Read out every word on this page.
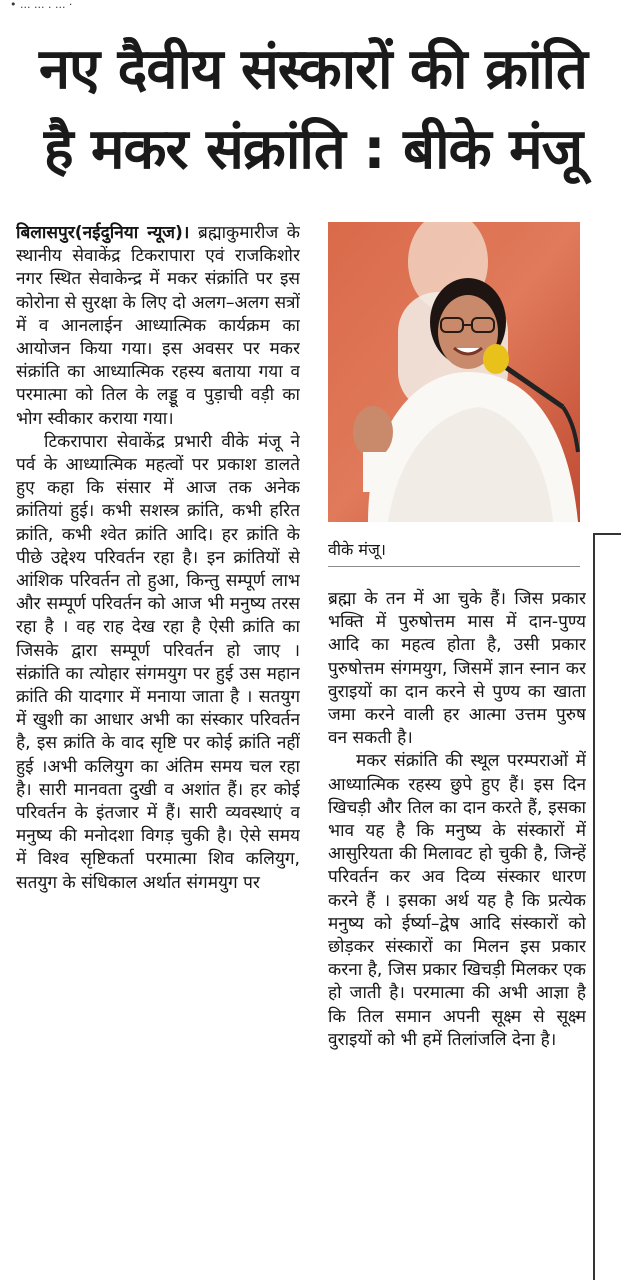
• ... ... . ... ·
नए दैवीय संस्कारों की क्रांति
है मकर संक्रांति : बीके मंजू

बिलासपुर(नईदुनिया न्यूज)। ब्रह्माकुमारीज के स्थानीय सेवाकेंद्र टिकरापारा एवं राजकिशोर नगर स्थित सेवाकेन्द्र में मकर संक्रांति पर इस कोरोना से सुरक्षा के लिए दो अलग–अलग सत्रों में व आनलाईन आध्यात्मिक कार्यक्रम का आयोजन किया गया। इस अवसर पर मकर संक्रांति का आध्यात्मिक रहस्य बताया गया व परमात्मा को तिल के लड्डू व पुड़ाची वड़ी का भोग स्वीकार कराया गया।

टिकरापारा सेवाकेंद्र प्रभारी वीके मंजू ने पर्व के आध्यात्मिक महत्वों पर प्रकाश डालते हुए कहा कि संसार में आज तक अनेक क्रांतियां हुई। कभी सशस्त्र क्रांति, कभी हरित क्रांति, कभी श्वेत क्रांति आदि। हर क्रांति के पीछे उद्देश्य परिवर्तन रहा है। इन क्रांतियों से आंशिक परिवर्तन तो हुआ, किन्तु सम्पूर्ण लाभ और सम्पूर्ण परिवर्तन को आज भी मनुष्य तरस रहा है । वह राह देख रहा है ऐसी क्रांति का जिसके द्वारा सम्पूर्ण परिवर्तन हो जाए । संक्रांति का त्योहार संगमयुग पर हुई उस महान क्रांति की यादगार में मनाया जाता है । सतयुग में खुशी का आधार अभी का संस्कार परिवर्तन है, इस क्रांति के वाद सृष्टि पर कोई क्रांति नहीं हुई ।अभी कलियुग का अंतिम समय चल रहा है। सारी मानवता दुखी व अशांत हैं। हर कोई परिवर्तन के इंतजार में हैं। सारी व्यवस्थाएं व मनुष्य की मनोदशा विगड़ चुकी है। ऐसे समय में विश्व सृष्टिकर्ता परमात्मा शिव कलियुग, सतयुग के संधिकाल अर्थात संगमयुग पर

वीके मंजू।

ब्रह्मा के तन में आ चुके हैं। जिस प्रकार भक्ति में पुरुषोत्तम मास में दान-पुण्य आदि का महत्व होता है, उसी प्रकार पुरुषोत्तम संगमयुग, जिसमें ज्ञान स्नान कर वुराइयों का दान करने से पुण्य का खाता जमा करने वाली हर आत्मा उत्तम पुरुष वन सकती है।

मकर संक्रांति की स्थूल परम्पराओं में आध्यात्मिक रहस्य छुपे हुए हैं। इस दिन खिचड़ी और तिल का दान करते हैं, इसका भाव यह है कि मनुष्य के संस्कारों में आसुरियता की मिलावट हो चुकी है, जिन्हें परिवर्तन कर अव दिव्य संस्कार धारण करने हैं । इसका अर्थ यह है कि प्रत्येक मनुष्य को ईर्ष्या–द्वेष आदि संस्कारों को छोड़कर संस्कारों का मिलन इस प्रकार करना है, जिस प्रकार खिचड़ी मिलकर एक हो जाती है। परमात्मा की अभी आज्ञा है कि तिल समान अपनी सूक्ष्म से सूक्ष्म वुराइयों को भी हमें तिलांजलि देना है।
